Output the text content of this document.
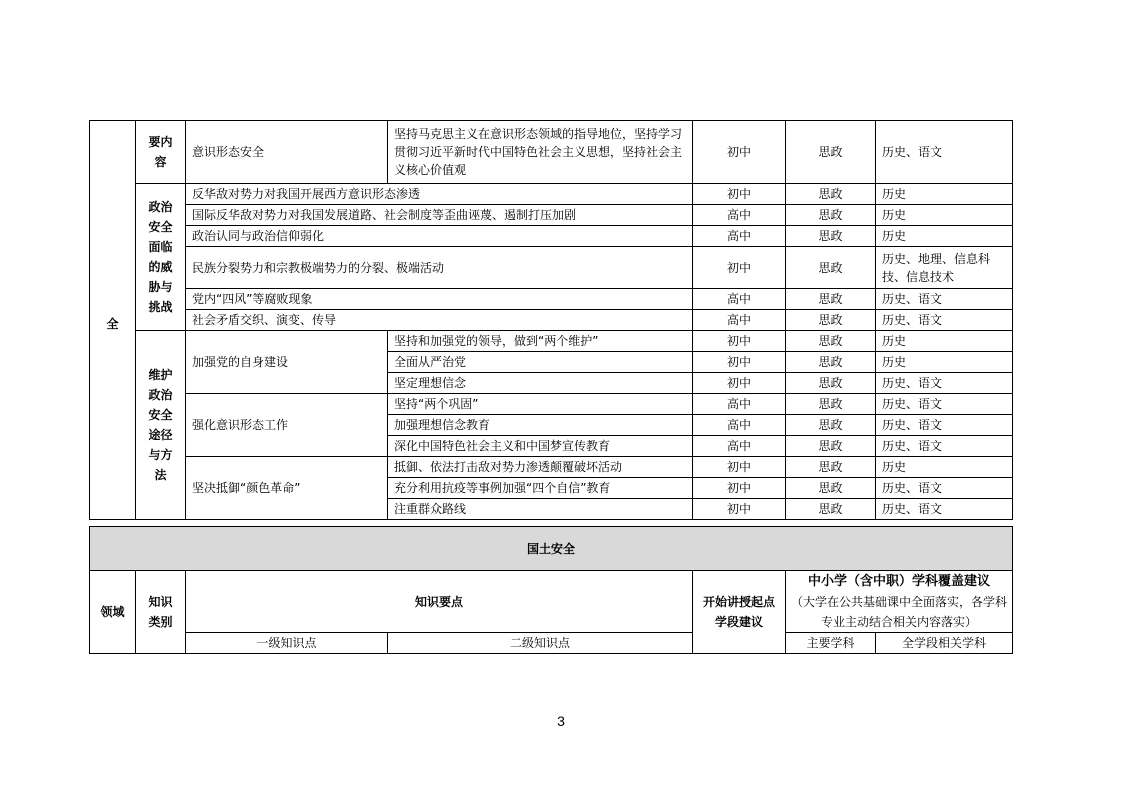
全	要内容	意识形态安全	坚持马克思主义在意识形态领域的指导地位，坚持学习贯彻习近平新时代中国特色社会主义思想，坚持社会主义核心价值观	初中	思政	历史、语文

	政治安全面临的威胁与挑战	反华敌对势力对我国开展西方意识形态渗透		初中	思政	历史
		国际反华敌对势力对我国发展道路、社会制度等歪曲诬蔑、遏制打压加剧		高中	思政	历史
		政治认同与政治信仰弱化		高中	思政	历史
		民族分裂势力和宗教极端势力的分裂、极端活动		初中	思政	历史、地理、信息科技、信息技术

		党内“四风”等腐败现象		高中	思政	历史、语文
		社会矛盾交织、演变、传导		高中	思政	历史、语文

	维护政治安全途径与方法	加强党的自身建设	坚持和加强党的领导，做到“两个维护”	初中	思政	历史
			全面从严治党	初中	思政	历史
			坚定理想信念	初中	思政	历史、语文
		强化意识形态工作	坚持“两个巩固”	高中	思政	历史、语文
			加强理想信念教育	高中	思政	历史、语文
			深化中国特色社会主义和中国梦宣传教育	高中	思政	历史、语文
		坚决抵御“颜色革命”	抵御、依法打击敌对势力渗透颠覆破坏活动	初中	思政	历史
			充分利用抗疫等事例加强“四个自信”教育	初中	思政	历史、语文
			注重群众路线	初中	思政	历史、语文
国土安全						
领域	知识类别	知识要点		开始讲授起点学段建议	中小学（含中职）学科覆盖建议
（大学在公共基础课中全面落实，各学科专业主动结合相关内容落实）	

		一级知识点	二级知识点		主要学科	全学段相关学科
3
